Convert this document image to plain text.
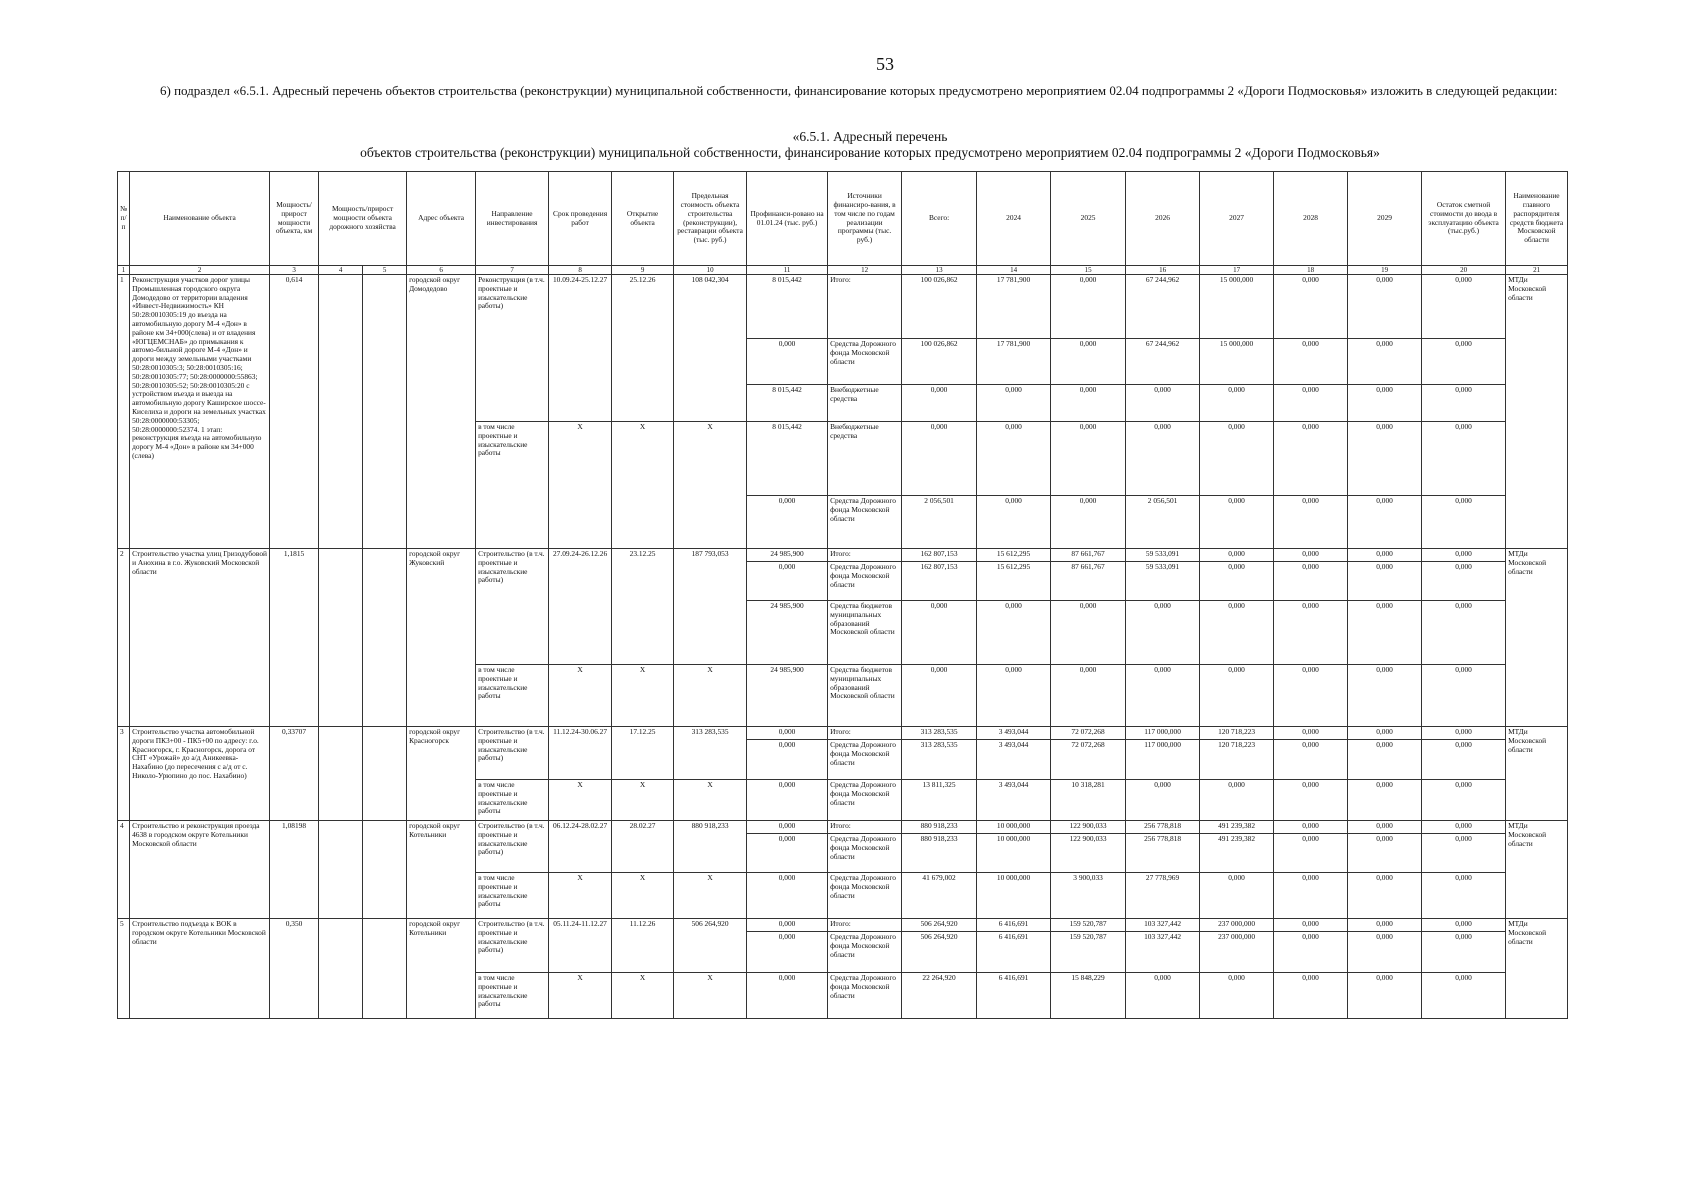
53
6) подраздел «6.5.1. Адресный перечень объектов строительства (реконструкции) муниципальной собственности, финансирование которых предусмотрено мероприятием 02.04 подпрограммы 2 «Дороги Подмосковья» изложить в следующей редакции:
«6.5.1. Адресный перечень
объектов строительства (реконструкции) муниципальной собственности, финансирование которых предусмотрено мероприятием 02.04 подпрограммы 2 «Дороги Подмосковья»
№ п/п	Наименование объекта	Мощность/ прирост мощности объекта, км	Мощность/прирост мощности объекта дорожного хозяйства		Адрес объекта	Направление инвестирования	Срок проведения работ	Открытие объекта	Предельная стоимость объекта строительства (реконструкции), реставрации объекта (тыс. руб.)	Профинанси-ровано на 01.01.24 (тыс. руб.)	Источники финансиро-вания, в том числе по годам реализации программы (тыс. руб.)	Всего:	2024	2025	2026	2027	2028	2029	Остаток сметной стоимости до ввода в эксплуатацию объекта (тыс.руб.)	Наименование главного распорядителя средств бюджета Московской области
1	2	3	4	5	6	7	8	9	10	11	12	13	14	15	16	17	18	19	20	21
1	Реконструкция участков дорог улицы Промышленная городского округа Домодедово от территории владения «Инвест-Недвижимость» КН 50:28:0010305:19 до въезда на автомобильную дорогу М-4 «Дон» в районе км 34+000(слева) и от владения «ЮГЦЕМСНАБ» до примыкания к автомо-бильной дороге М-4 «Дон» и дороги между земельными участками 50:28:0010305:3; 50:28:0010305:16; 50:28:0010305:77; 50:28:0000000:55863; 50:28:0010305:52; 50:28:0010305:20 с устройством въезда и выезда на автомобильную дорогу Каширское шоссе-Киселиха и дороги на земельных участках 50:28:0000000:53305; 50:28:0000000:52374. 1 этап: реконструкция въезда на автомобильную дорогу М-4 «Дон» в районе км 34+000 (слева)	0,614			городской округ Домодедово	Реконструкция (в т.ч. проектные и изыскательские работы)	10.09.24-25.12.27	25.12.26	108 042,304	8 015,442	Итого:	100 026,862	17 781,900	0,000	67 244,962	15 000,000	0,000	0,000	0,000	МТДи Московской области
										0,000	Средства Дорожного фонда Московской области	100 026,862	17 781,900	0,000	67 244,962	15 000,000	0,000	0,000	0,000	
										8 015,442	Внебюджетные средства	0,000	0,000	0,000	0,000	0,000	0,000	0,000	0,000	
						в том числе проектные и изыскательские работы	Х	Х	Х	8 015,442	Внебюджетные средства	0,000	0,000	0,000	0,000	0,000	0,000	0,000	0,000	
										0,000	Средства Дорожного фонда Московской области	2 056,501	0,000	0,000	2 056,501	0,000	0,000	0,000	0,000	
2	Строительство участка улиц Гризодубовой и Анохина в г.о. Жуковский Московской области	1,1815			городской округ Жуковский	Строительство (в т.ч. проектные и изыскательские работы)	27.09.24-26.12.26	23.12.25	187 793,053	24 985,900	Итого:	162 807,153	15 612,295	87 661,767	59 533,091	0,000	0,000	0,000	0,000	МТДи Московской области
										0,000	Средства Дорожного фонда Московской области	162 807,153	15 612,295	87 661,767	59 533,091	0,000	0,000	0,000	0,000	
										24 985,900	Средства бюджетов муниципальных образований Московской области	0,000	0,000	0,000	0,000	0,000	0,000	0,000	0,000	
						в том числе проектные и изыскательские работы	Х	Х	Х	24 985,900	Средства бюджетов муниципальных образований Московской области	0,000	0,000	0,000	0,000	0,000	0,000	0,000	0,000	
3	Строительство участка автомобильной дороги ПК3+00 - ПК5+00 по адресу: г.о. Красногорск, г. Красногорск, дорога от СНТ «Урожай» до а/д Аникеевка-Нахабино (до пересечения с а/д от с. Николо-Урюпино до пос. Нахабино)	0,33707			городской округ Красногорск	Строительство (в т.ч. проектные и изыскательские работы)	11.12.24-30.06.27	17.12.25	313 283,535	0,000	Итого:	313 283,535	3 493,044	72 072,268	117 000,000	120 718,223	0,000	0,000	0,000	МТДи Московской области
										0,000	Средства Дорожного фонда Московской области	313 283,535	3 493,044	72 072,268	117 000,000	120 718,223	0,000	0,000	0,000	
						в том числе проектные и изыскательские работы	Х	Х	Х	0,000	Средства Дорожного фонда Московской области	13 811,325	3 493,044	10 318,281	0,000	0,000	0,000	0,000	0,000	
4	Строительство и реконструкция проезда 4638 в городском округе Котельники Московской области	1,08198			городской округ Котельники	Строительство (в т.ч. проектные и изыскательские работы)	06.12.24-28.02.27	28.02.27	880 918,233	0,000	Итого:	880 918,233	10 000,000	122 900,033	256 778,818	491 239,382	0,000	0,000	0,000	МТДи Московской области
										0,000	Средства Дорожного фонда Московской области	880 918,233	10 000,000	122 900,033	256 778,818	491 239,382	0,000	0,000	0,000	
						в том числе проектные и изыскательские работы	Х	Х	Х	0,000	Средства Дорожного фонда Московской области	41 679,002	10 000,000	3 900,033	27 778,969	0,000	0,000	0,000	0,000	
5	Строительство подъезда к ВОК в городском округе Котельники Московской области	0,350			городской округ Котельники	Строительство (в т.ч. проектные и изыскательские работы)	05.11.24-11.12.27	11.12.26	506 264,920	0,000	Итого:	506 264,920	6 416,691	159 520,787	103 327,442	237 000,000	0,000	0,000	0,000	МТДи Московской области
										0,000	Средства Дорожного фонда Московской области	506 264,920	6 416,691	159 520,787	103 327,442	237 000,000	0,000	0,000	0,000	
						в том числе проектные и изыскательские работы	Х	Х	Х	0,000	Средства Дорожного фонда Московской области	22 264,920	6 416,691	15 848,229	0,000	0,000	0,000	0,000	0,000	
